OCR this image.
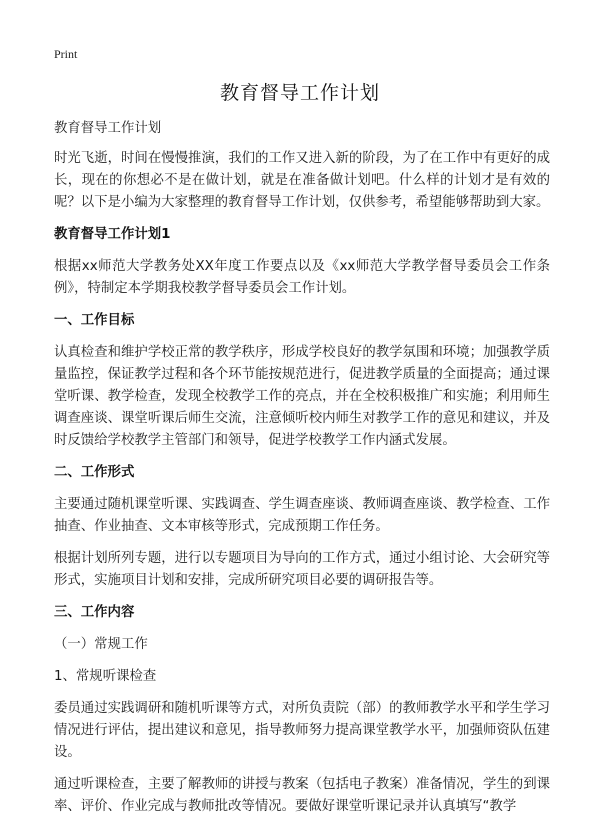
Print
教育督导工作计划

教育督导工作计划

时光飞逝，时间在慢慢推演，我们的工作又进入新的阶段，为了在工作中有更好的成长，现在的你想必不是在做计划，就是在准备做计划吧。什么样的计划才是有效的呢？以下是小编为大家整理的教育督导工作计划，仅供参考，希望能够帮助到大家。

教育督导工作计划1

根据xx师范大学教务处XX年度工作要点以及《xx师范大学教学督导委员会工作条例》，特制定本学期我校教学督导委员会工作计划。

一、工作目标

认真检查和维护学校正常的教学秩序，形成学校良好的教学氛围和环境；加强教学质量监控，保证教学过程和各个环节能按规范进行，促进教学质量的全面提高；通过课堂听课、教学检查，发现全校教学工作的亮点，并在全校积极推广和实施；利用师生调查座谈、课堂听课后师生交流，注意倾听校内师生对教学工作的意见和建议，并及时反馈给学校教学主管部门和领导，促进学校教学工作内涵式发展。

二、工作形式

主要通过随机课堂听课、实践调查、学生调查座谈、教师调查座谈、教学检查、工作抽查、作业抽查、文本审核等形式，完成预期工作任务。

根据计划所列专题，进行以专题项目为导向的工作方式，通过小组讨论、大会研究等形式，实施项目计划和安排，完成所研究项目必要的调研报告等。

三、工作内容

（一）常规工作

1、常规听课检查

委员通过实践调研和随机听课等方式，对所负责院（部）的教师教学水平和学生学习情况进行评估，提出建议和意见，指导教师努力提高课堂教学水平，加强师资队伍建设。

通过听课检查，主要了解教师的讲授与教案（包括电子教案）准备情况，学生的到课率、评价、作业完成与教师批改等情况。要做好课堂听课记录并认真填写“教学
